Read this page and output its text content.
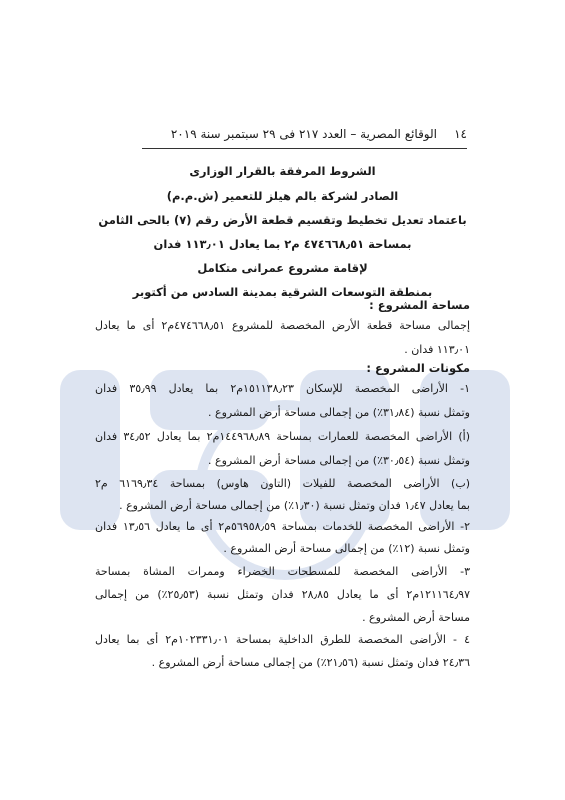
١٤
الوقائع المصرية – العدد ٢١٧ فى ٢٩ سبتمبر سنة ٢٠١٩
الشروط المرفقة بالقرار الوزارى
الصادر لشركة بالم هيلز للتعمير (ش.م.م)
باعتماد تعديل تخطيط وتقسيم قطعة الأرض رقم (٧) بالحى الثامن
بمساحة ٤٧٤٦٦٨٫٥١ م٢ بما يعادل ١١٣٫٠١ فدان
لإقامة مشروع عمرانى متكامل
بمنطقة التوسعات الشرقية بمدينة السادس من أكتوبر
مساحة المشروع :
إجمالى مساحة قطعة الأرض المخصصة للمشروع ٤٧٤٦٦٨٫٥١م٢ أى ما يعادل
١١٣٫٠١ فدان .
مكونات المشروع :
١- الأراضى المخصصة للإسكان ١٥١١٣٨٫٢٣م٢ بما يعادل ٣٥٫٩٩ فدان
وتمثل نسبة (٣١٫٨٤٪) من إجمالى مساحة أرض المشروع .
(أ) الأراضى المخصصة للعمارات بمساحة ١٤٤٩٦٨٫٨٩م٢ بما يعادل ٣٤٫٥٢ فدان
وتمثل نسبة (٣٠٫٥٤٪) من إجمالى مساحة أرض المشروع .
(ب) الأراضى المخصصة للفيلات (التاون هاوس) بمساحة ٦١٦٩٫٣٤ م٢
بما يعادل ١٫٤٧ فدان وتمثل نسبة (١٫٣٠٪) من إجمالى مساحة أرض المشروع .
٢- الأراضى المخصصة للخدمات بمساحة ٥٦٩٥٨٫٥٩م٢ أى ما يعادل ١٣٫٥٦ فدان
وتمثل نسبة (١٢٪) من إجمالى مساحة أرض المشروع .
٣- الأراضى المخصصة للمسطحات الخضراء وممرات المشاة بمساحة
١٢١١٦٤٫٩٧م٢ أى ما يعادل ٢٨٫٨٥ فدان وتمثل نسبة (٢٥٫٥٣٪) من إجمالى
مساحة أرض المشروع .
٤ - الأراضى المخصصة للطرق الداخلية بمساحة ١٠٢٣٣١٫٠١م٢ أى بما يعادل
٢٤٫٣٦ فدان وتمثل نسبة (٢١٫٥٦٪) من إجمالى مساحة أرض المشروع .
